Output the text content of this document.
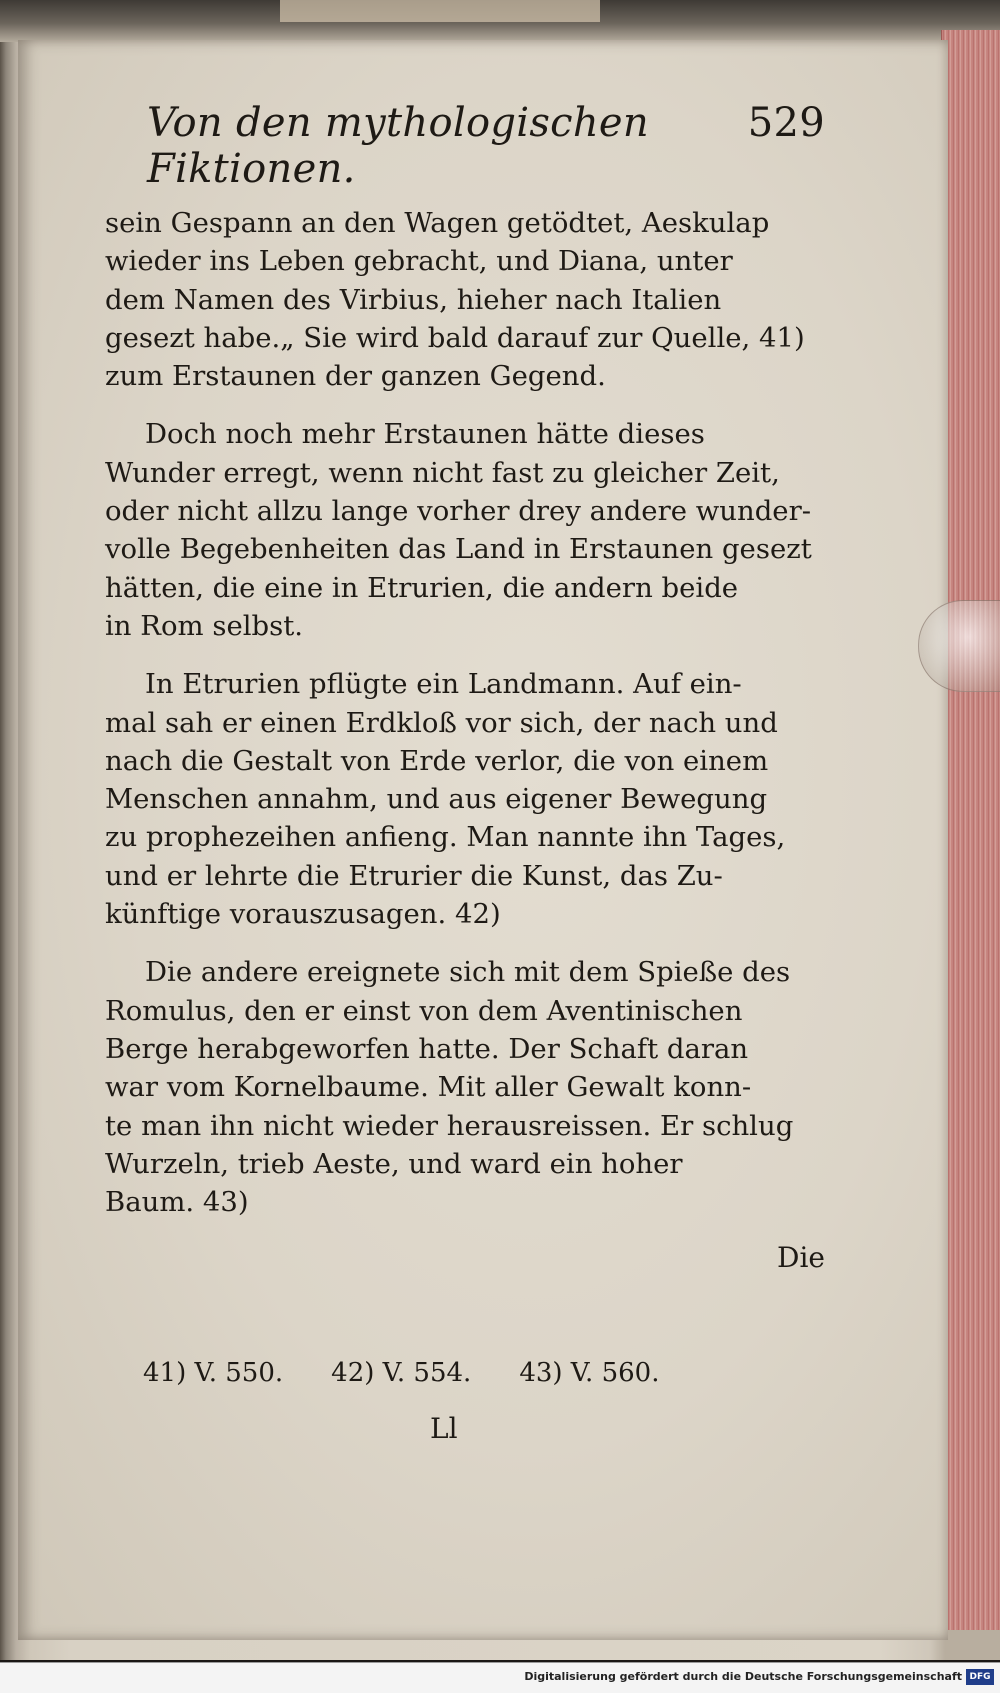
Von den mythologischen Fiktionen.
529

sein Gespann an den Wagen getödtet, Aeskulap
wieder ins Leben gebracht, und Diana, unter
dem Namen des Virbius, hieher nach Italien
gesezt habe.„ Sie wird bald darauf zur Quelle, 41)
zum Erstaunen der ganzen Gegend.

Doch noch mehr Erstaunen hätte dieses
Wunder erregt, wenn nicht fast zu gleicher Zeit,
oder nicht allzu lange vorher drey andere wunder-
volle Begebenheiten das Land in Erstaunen gesezt
hätten, die eine in Etrurien, die andern beide
in Rom selbst.

In Etrurien pflügte ein Landmann. Auf ein-
mal sah er einen Erdkloß vor sich, der nach und
nach die Gestalt von Erde verlor, die von einem
Menschen annahm, und aus eigener Bewegung
zu prophezeihen anfieng. Man nannte ihn Tages,
und er lehrte die Etrurier die Kunst, das Zu-
künftige vorauszusagen. 42)

Die andere ereignete sich mit dem Spieße des
Romulus, den er einst von dem Aventinischen
Berge herabgeworfen hatte. Der Schaft daran
war vom Kornelbaume. Mit aller Gewalt konn-
te man ihn nicht wieder herausreissen. Er schlug
Wurzeln, trieb Aeste, und ward ein hoher
Baum. 43)

Die
41) V. 550. 42) V. 554. 43) V. 560.
Ll
Digitalisierung gefördert durch die Deutsche Forschungsgemeinschaft DFG
